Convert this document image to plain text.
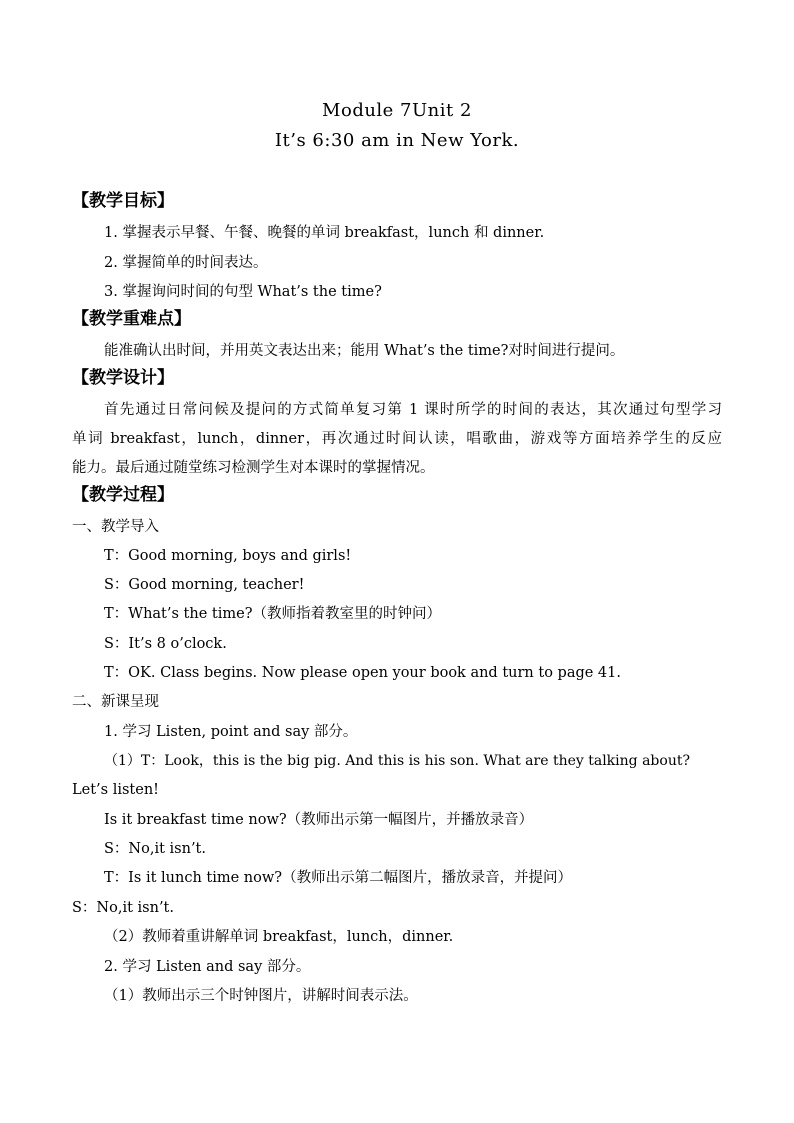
Module 7Unit 2
It’s 6:30 am in New York.
【教学目标】
1. 掌握表示早餐、午餐、晚餐的单词 breakfast，lunch 和 dinner.
2. 掌握简单的时间表达。
3. 掌握询问时间的句型 What’s the time?
【教学重难点】
能准确认出时间，并用英文表达出来；能用 What’s the time?对时间进行提问。
【教学设计】
首先通过日常问候及提问的方式简单复习第 1 课时所学的时间的表达，其次通过句型学习
单词 breakfast，lunch，dinner，再次通过时间认读，唱歌曲，游戏等方面培养学生的反应
能力。最后通过随堂练习检测学生对本课时的掌握情况。
【教学过程】
一、教学导入
T：Good morning, boys and girls!
S：Good morning, teacher!
T：What’s the time?（教师指着教室里的时钟问）
S：It’s 8 o’clock.
T：OK. Class begins. Now please open your book and turn to page 41.
二、新课呈现
1. 学习 Listen, point and say 部分。
（1）T：Look，this is the big pig. And this is his son. What are they talking about?
Let’s listen!
Is it breakfast time now?（教师出示第一幅图片，并播放录音）
S：No,it isn’t.
T：Is it lunch time now?（教师出示第二幅图片，播放录音，并提问）
S：No,it isn’t.
（2）教师着重讲解单词 breakfast，lunch，dinner.
2. 学习 Listen and say 部分。
（1）教师出示三个时钟图片，讲解时间表示法。
